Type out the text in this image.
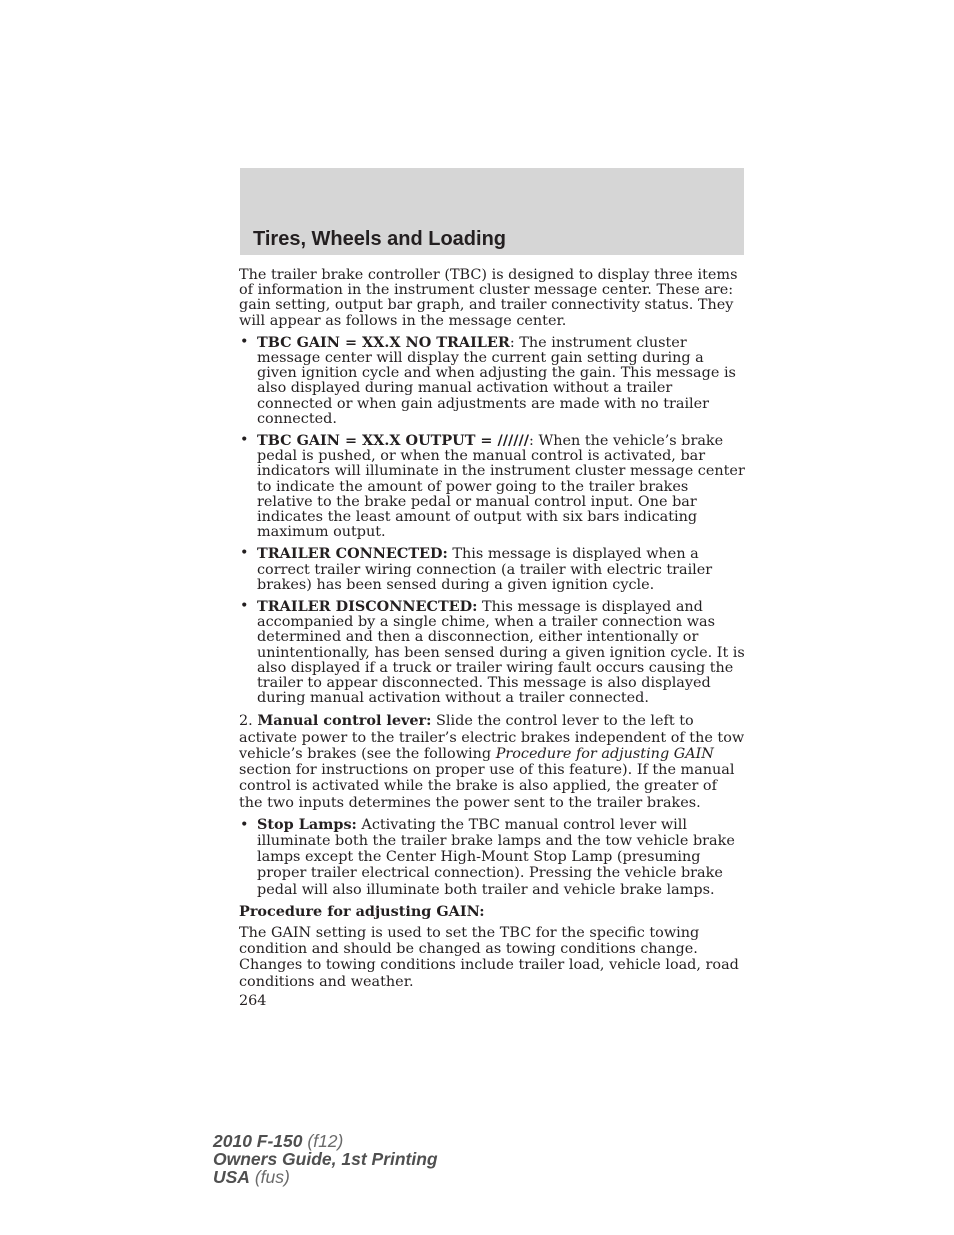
Tires, Wheels and Loading

The trailer brake controller (TBC) is designed to display three items of information in the instrument cluster message center. These are: gain setting, output bar graph, and trailer connectivity status. They will appear as follows in the message center.

• TBC GAIN = XX.X NO TRAILER: The instrument cluster message center will display the current gain setting during a given ignition cycle and when adjusting the gain. This message is also displayed during manual activation without a trailer connected or when gain adjustments are made with no trailer connected.
• TBC GAIN = XX.X OUTPUT = //////: When the vehicle’s brake pedal is pushed, or when the manual control is activated, bar indicators will illuminate in the instrument cluster message center to indicate the amount of power going to the trailer brakes relative to the brake pedal or manual control input. One bar indicates the least amount of output with six bars indicating maximum output.
• TRAILER CONNECTED: This message is displayed when a correct trailer wiring connection (a trailer with electric trailer brakes) has been sensed during a given ignition cycle.
• TRAILER DISCONNECTED: This message is displayed and accompanied by a single chime, when a trailer connection was determined and then a disconnection, either intentionally or unintentionally, has been sensed during a given ignition cycle. It is also displayed if a truck or trailer wiring fault occurs causing the trailer to appear disconnected. This message is also displayed during manual activation without a trailer connected.

2. Manual control lever: Slide the control lever to the left to activate power to the trailer’s electric brakes independent of the tow vehicle’s brakes (see the following Procedure for adjusting GAIN section for instructions on proper use of this feature). If the manual control is activated while the brake is also applied, the greater of the two inputs determines the power sent to the trailer brakes.

• Stop Lamps: Activating the TBC manual control lever will illuminate both the trailer brake lamps and the tow vehicle brake lamps except the Center High-Mount Stop Lamp (presuming proper trailer electrical connection). Pressing the vehicle brake pedal will also illuminate both trailer and vehicle brake lamps.

Procedure for adjusting GAIN:

The GAIN setting is used to set the TBC for the specific towing condition and should be changed as towing conditions change. Changes to towing conditions include trailer load, vehicle load, road conditions and weather.

264

2010 F-150 (f12)
Owners Guide, 1st Printing
USA (fus)
